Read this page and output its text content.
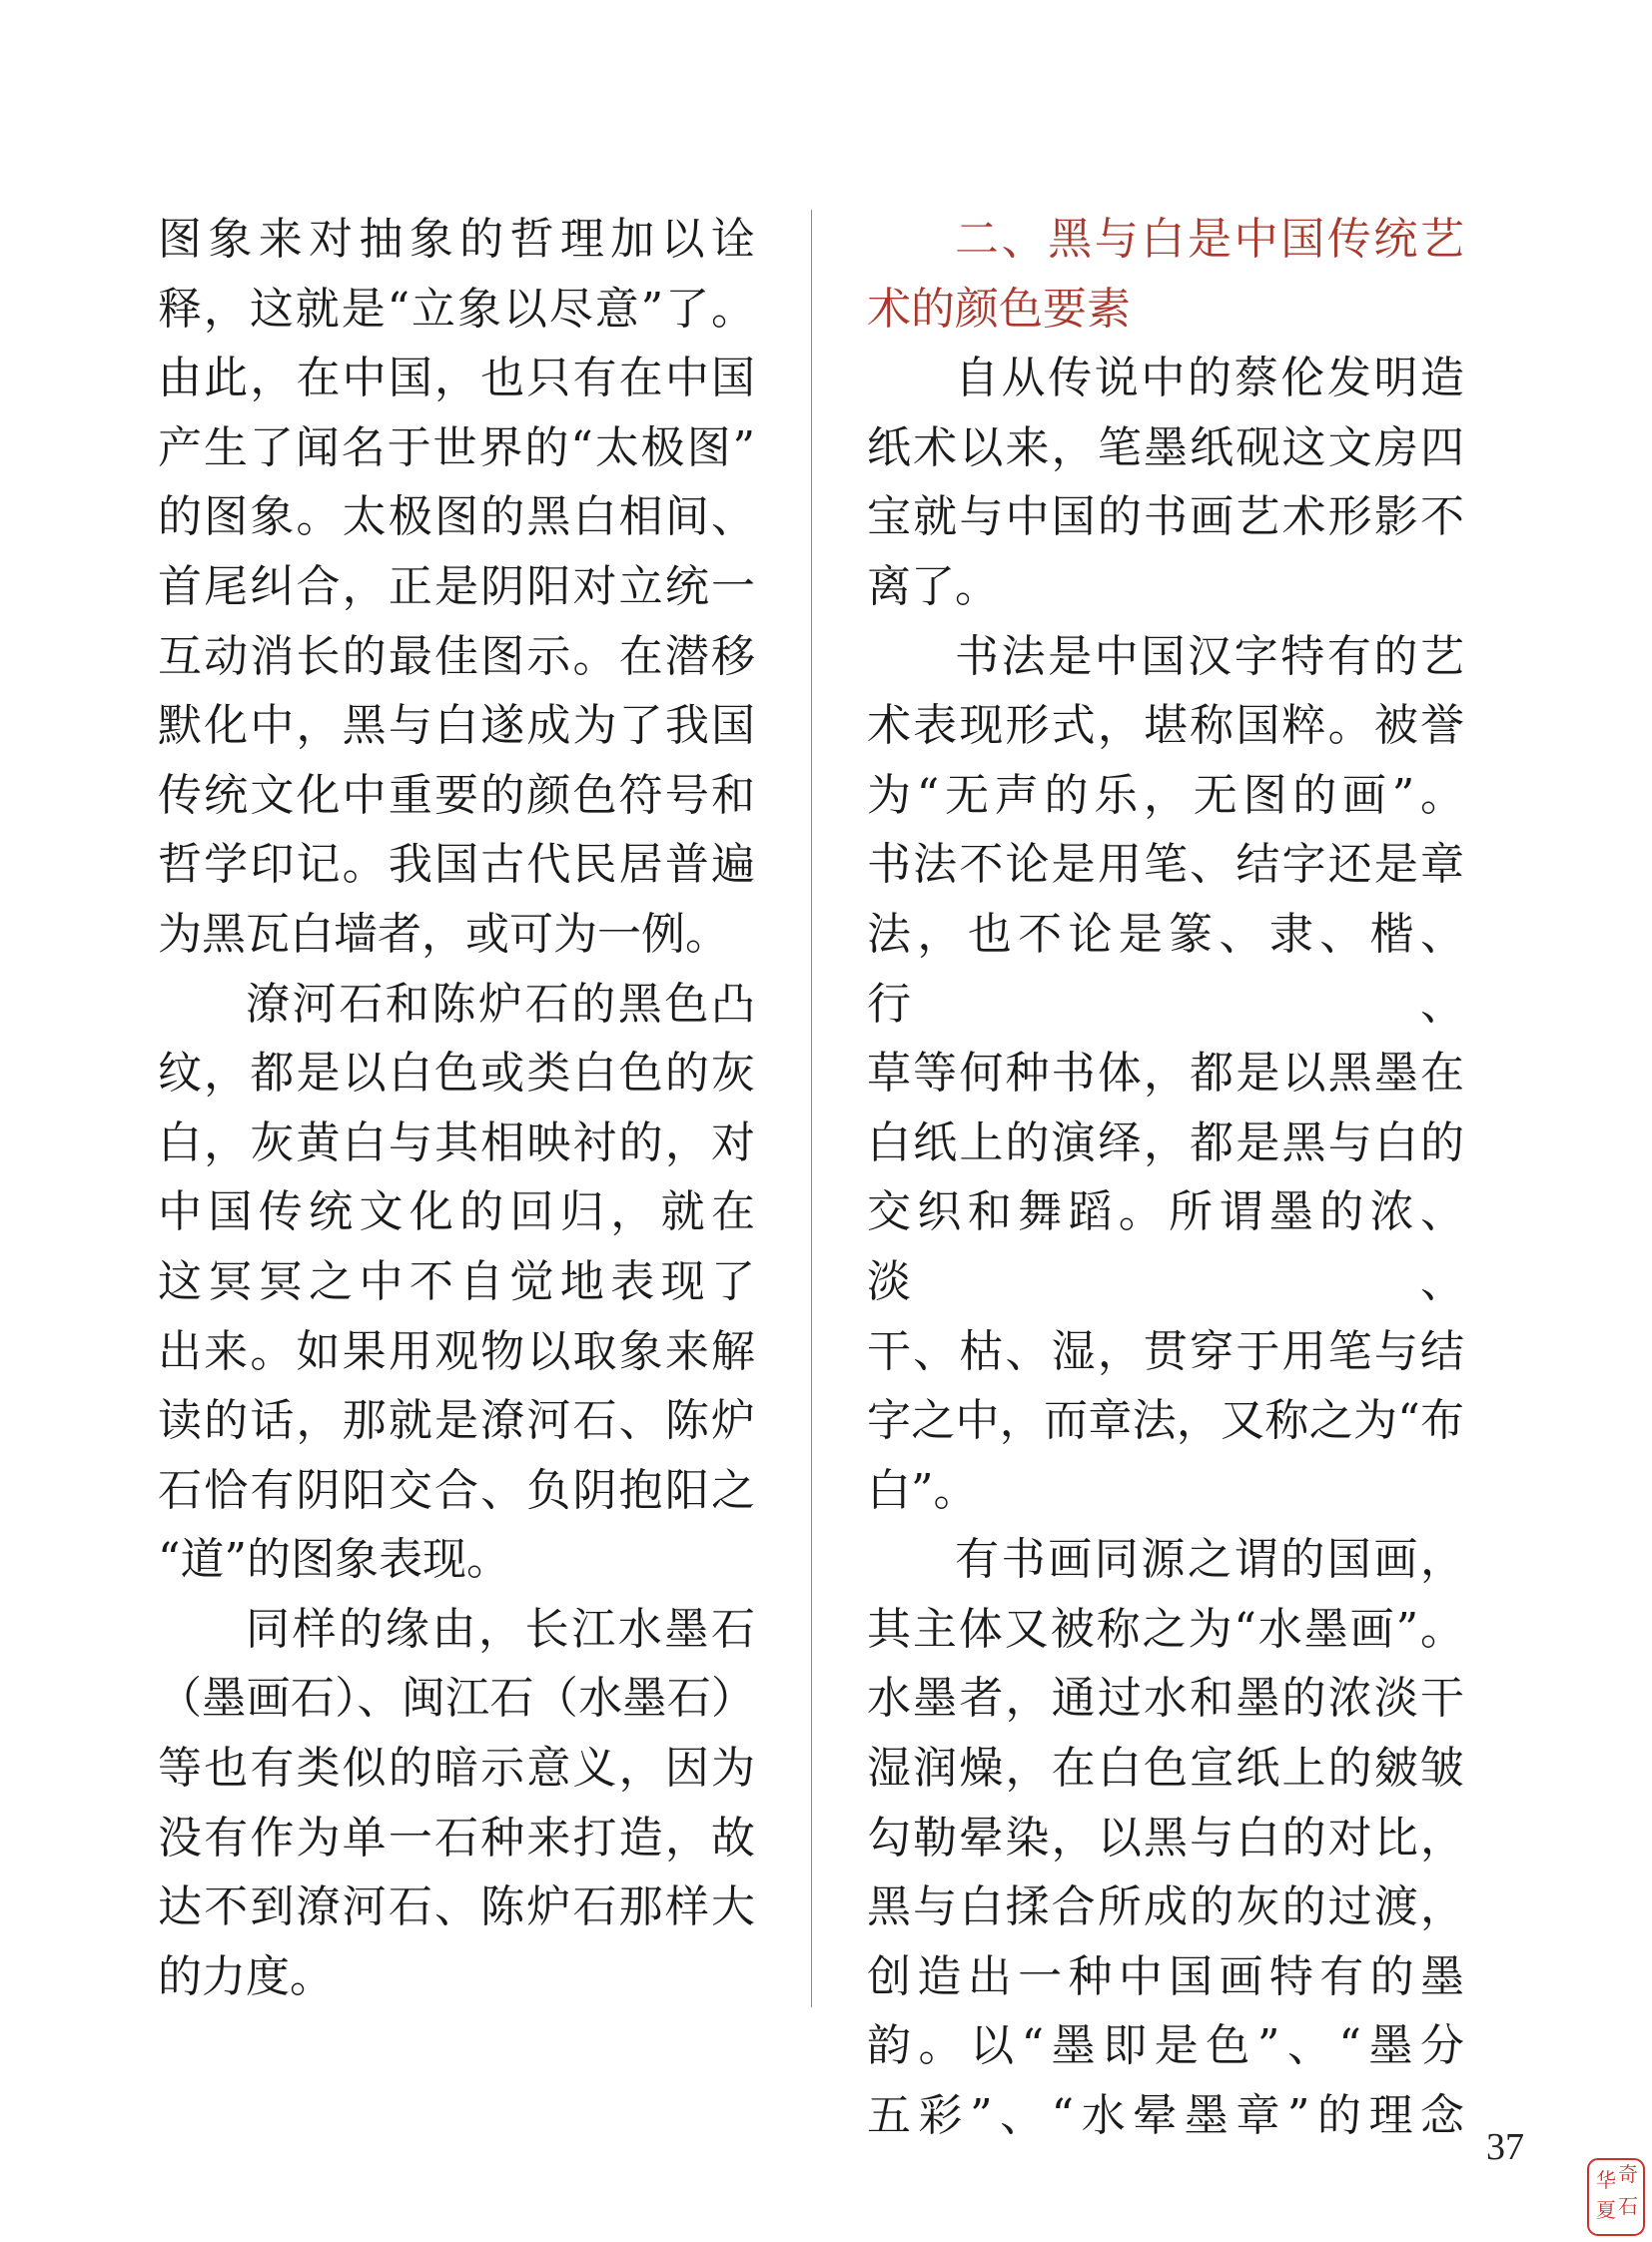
图象来对抽象的哲理加以诠

释，这就是“立象以尽意”了。

由此，在中国，也只有在中国

产生了闻名于世界的“太极图”

的图象。太极图的黑白相间、

首尾纠合，正是阴阳对立统一

互动消长的最佳图示。在潜移

默化中，黑与白遂成为了我国

传统文化中重要的颜色符号和

哲学印记。我国古代民居普遍

为黑瓦白墙者，或可为一例。

潦河石和陈炉石的黑色凸

纹，都是以白色或类白色的灰

白，灰黄白与其相映衬的，对

中国传统文化的回归，就在

这冥冥之中不自觉地表现了

出来。如果用观物以取象来解

读的话，那就是潦河石、陈炉

石恰有阴阳交合、负阴抱阳之

“道”的图象表现。

同样的缘由，长江水墨石

（墨画石）、闽江石（水墨石）

等也有类似的暗示意义，因为

没有作为单一石种来打造，故

达不到潦河石、陈炉石那样大

的力度。

二、黑与白是中国传统艺

术的颜色要素

自从传说中的蔡伦发明造

纸术以来，笔墨纸砚这文房四

宝就与中国的书画艺术形影不

离了。

书法是中国汉字特有的艺

术表现形式，堪称国粹。被誉

为“无声的乐，无图的画”。

书法不论是用笔、结字还是章

法，也不论是篆、隶、楷、行、

草等何种书体，都是以黑墨在

白纸上的演绎，都是黑与白的

交织和舞蹈。所谓墨的浓、淡、

干、枯、湿，贯穿于用笔与结

字之中，而章法，又称之为“布

白”。

有书画同源之谓的国画，

其主体又被称之为“水墨画”。

水墨者，通过水和墨的浓淡干

湿润燥，在白色宣纸上的皴皱

勾勒晕染，以黑与白的对比，

黑与白揉合所成的灰的过渡，

创造出一种中国画特有的墨

韵。以“墨即是色”、“墨分

五彩”、“水晕墨章”的理念

37
华 奇
夏 石
